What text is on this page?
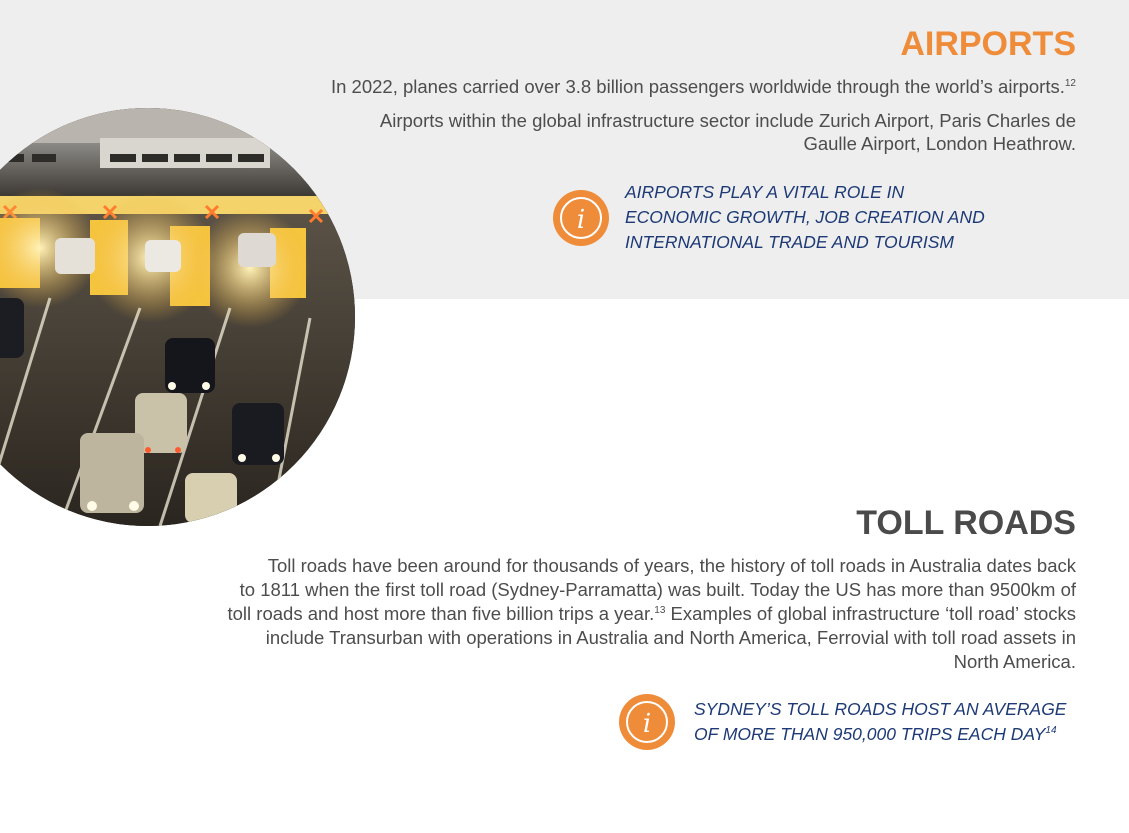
AIRPORTS

In 2022, planes carried over 3.8 billion passengers worldwide through the world’s airports.$^{12}$

Airports within the global infrastructure sector include Zurich Airport, Paris Charles de
Gaulle Airport, London Heathrow.

i
AIRPORTS PLAY A VITAL ROLE IN
ECONOMIC GROWTH, JOB CREATION AND
INTERNATIONAL TRADE AND TOURISM
TOLL ROADS

Toll roads have been around for thousands of years, the history of toll roads in Australia dates back
to 1811 when the first toll road (Sydney-Parramatta) was built. Today the US has more than 9500km of
toll roads and host more than five billion trips a year.$^{13}$ Examples of global infrastructure ‘toll road’ stocks
include Transurban with operations in Australia and North America, Ferrovial with toll road assets in
North America.

i SYDNEY’S TOLL ROADS HOST AN AVERAGE
OF MORE THAN 950,000 TRIPS EACH DAY$^{14}$
